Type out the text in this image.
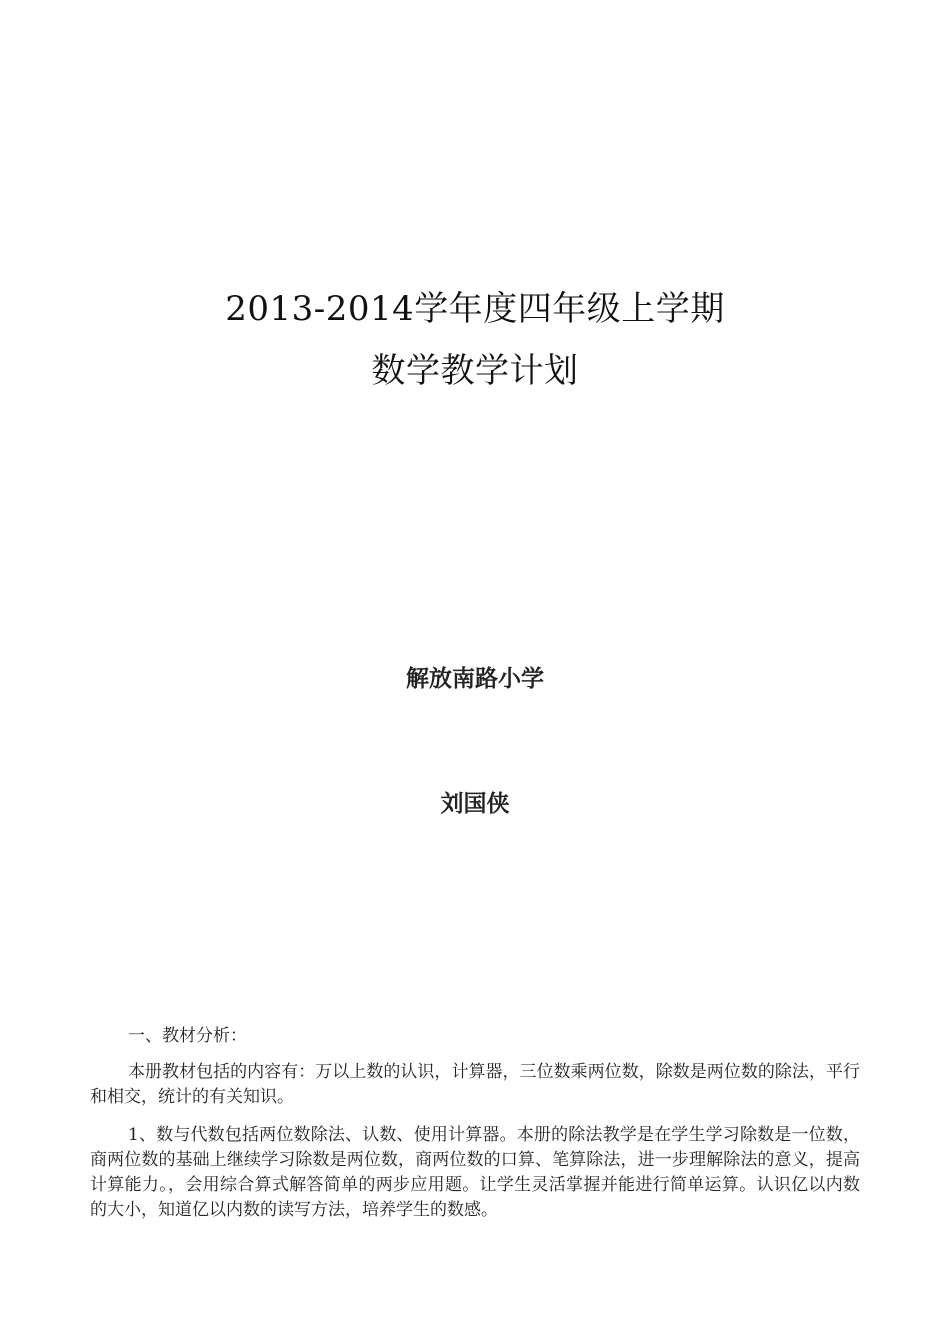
2013-2014学年度四年级上学期
数学教学计划
解放南路小学
刘国侠

一、教材分析：

本册教材包括的内容有：万以上数的认识，计算器，三位数乘两位数，除数是两位数的除法，平行和相交，统计的有关知识。

1、数与代数包括两位数除法、认数、使用计算器。本册的除法教学是在学生学习除数是一位数，商两位数的基础上继续学习除数是两位数，商两位数的口算、笔算除法，进一步理解除法的意义，提高计算能力。，会用综合算式解答简单的两步应用题。让学生灵活掌握并能进行简单运算。认识亿以内数的大小，知道亿以内数的读写方法，培养学生的数感。
